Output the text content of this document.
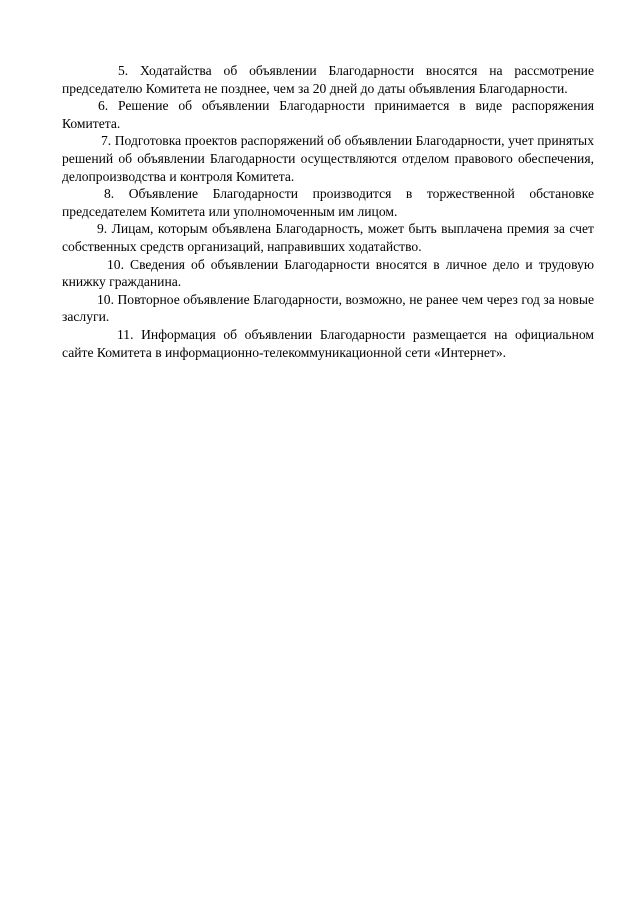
5. Ходатайства об объявлении Благодарности вносятся на рассмотрение председателю Комитета не позднее, чем за 20 дней до даты объявления Благодарности.

6. Решение об объявлении Благодарности принимается в виде распоряжения Комитета.

7. Подготовка проектов распоряжений об объявлении Благодарности, учет принятых решений об объявлении Благодарности осуществляются отделом правового обеспечения, делопроизводства и контроля Комитета.

8. Объявление Благодарности производится в торжественной обстановке председателем Комитета или уполномоченным им лицом.

9. Лицам, которым объявлена Благодарность, может быть выплачена премия за счет собственных средств организаций, направивших ходатайство.

10. Сведения об объявлении Благодарности вносятся в личное дело и трудовую книжку гражданина.

10. Повторное объявление Благодарности, возможно, не ранее чем через год за новые заслуги.

11. Информация об объявлении Благодарности размещается на официальном сайте Комитета в информационно-телекоммуникационной сети «Интернет».
